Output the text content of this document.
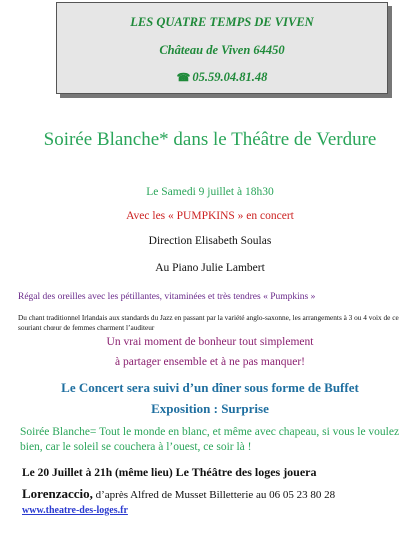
LES QUATRE TEMPS DE VIVEN
Château de Viven 64450
☎ 05.59.04.81.48
Soirée Blanche* dans le Théâtre de Verdure
Le Samedi 9 juillet à 18h30
Avec les « PUMPKINS » en concert
Direction Elisabeth Soulas
Au Piano Julie Lambert
Régal des oreilles avec les pétillantes, vitaminées et très tendres « Pumpkins »
Du chant traditionnel Irlandais aux standards du Jazz en passant par la variété anglo-saxonne, les arrangements à 3 ou 4 voix de ce souriant chœur de femmes charment l’auditeur
Un vrai moment de bonheur tout simplement
à partager ensemble et à ne pas manquer!
Le Concert sera suivi d’un dîner sous forme de Buffet
Exposition : Surprise
Soirée Blanche= Tout le monde en blanc, et même avec chapeau, si vous le voulez bien, car le soleil se couchera à l’ouest, ce soir là !
Le 20 Juillet à 21h (même lieu) Le Théâtre des loges jouera
Lorenzaccio, d’après Alfred de Musset Billetterie au 06 05 23 80 28
www.theatre-des-loges.fr
